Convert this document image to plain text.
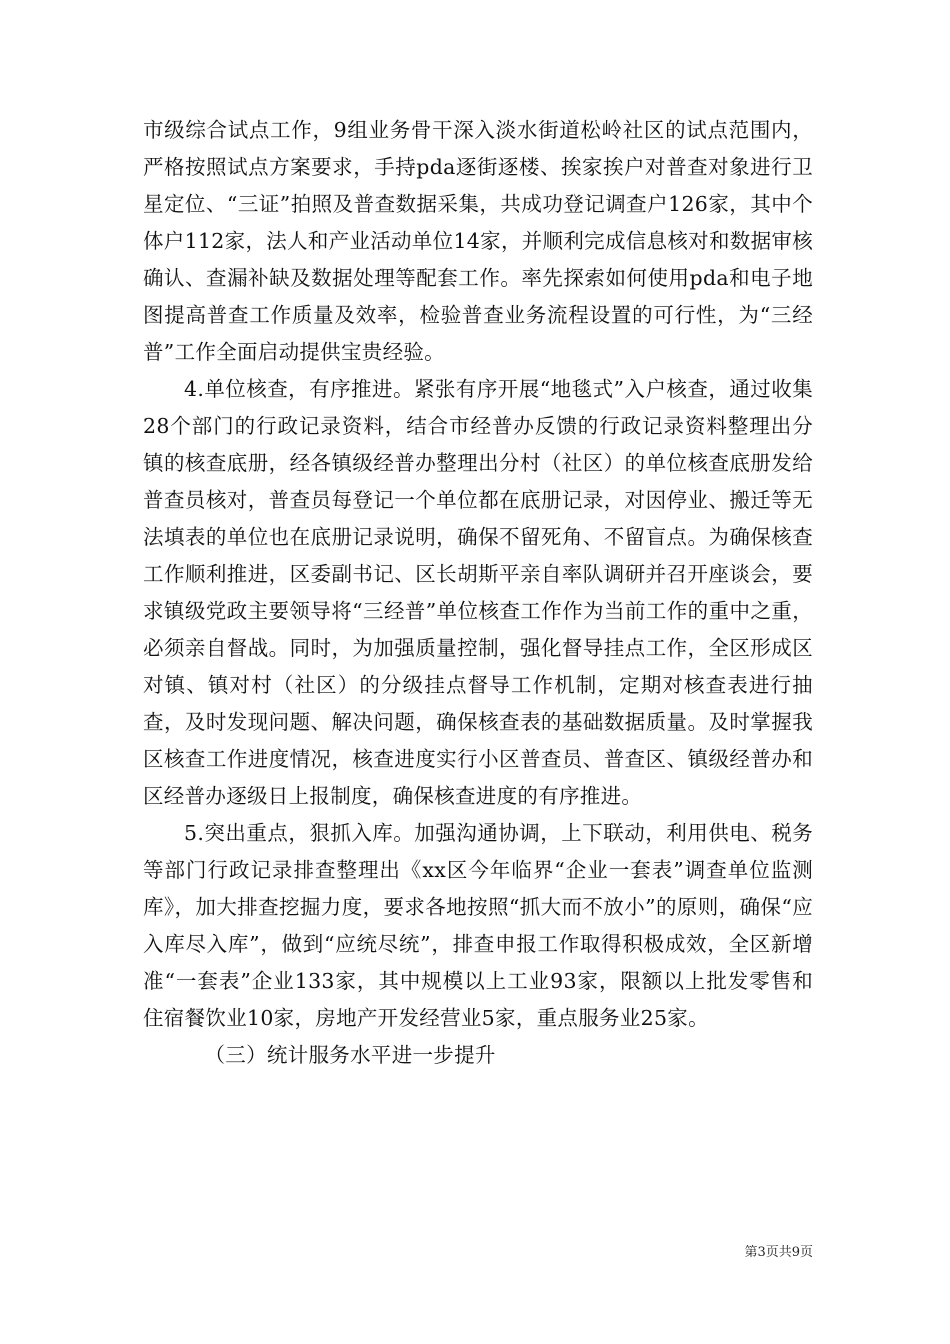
市级综合试点工作，9组业务骨干深入淡水街道松岭社区的试点范围内，严格按照试点方案要求，手持pda逐街逐楼、挨家挨户对普查对象进行卫星定位、“三证”拍照及普查数据采集，共成功登记调查户126家，其中个体户112家，法人和产业活动单位14家，并顺利完成信息核对和数据审核确认、查漏补缺及数据处理等配套工作。率先探索如何使用pda和电子地图提高普查工作质量及效率，检验普查业务流程设置的可行性，为“三经普”工作全面启动提供宝贵经验。

4.单位核查，有序推进。紧张有序开展“地毯式”入户核查，通过收集28个部门的行政记录资料，结合市经普办反馈的行政记录资料整理出分镇的核查底册，经各镇级经普办整理出分村（社区）的单位核查底册发给普查员核对，普查员每登记一个单位都在底册记录，对因停业、搬迁等无法填表的单位也在底册记录说明，确保不留死角、不留盲点。为确保核查工作顺利推进，区委副书记、区长胡斯平亲自率队调研并召开座谈会，要求镇级党政主要领导将“三经普”单位核查工作作为当前工作的重中之重，必须亲自督战。同时，为加强质量控制，强化督导挂点工作，全区形成区对镇、镇对村（社区）的分级挂点督导工作机制，定期对核查表进行抽查，及时发现问题、解决问题，确保核查表的基础数据质量。及时掌握我区核查工作进度情况，核查进度实行小区普查员、普查区、镇级经普办和区经普办逐级日上报制度，确保核查进度的有序推进。

5.突出重点，狠抓入库。加强沟通协调，上下联动，利用供电、税务等部门行政记录排查整理出《xx区今年临界“企业一套表”调查单位监测库》，加大排查挖掘力度，要求各地按照“抓大而不放小”的原则，确保“应入库尽入库”，做到“应统尽统”，排查申报工作取得积极成效，全区新增准“一套表”企业133家，其中规模以上工业93家，限额以上批发零售和住宿餐饮业10家，房地产开发经营业5家，重点服务业25家。

（三）统计服务水平进一步提升

第3页共9页
